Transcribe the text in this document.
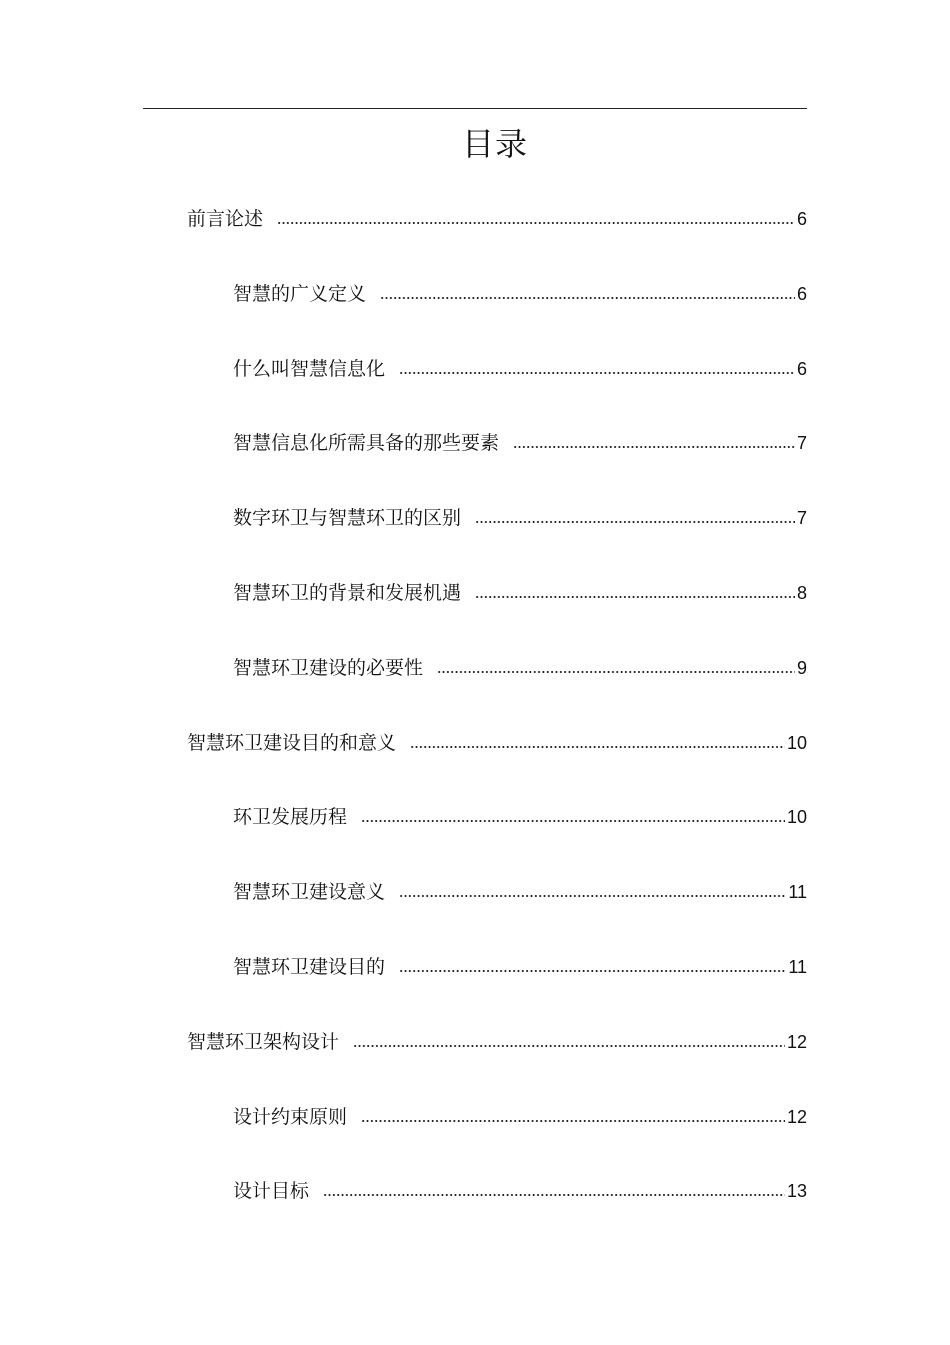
目录
前言论述	6
智慧的广义定义	6
什么叫智慧信息化	6
智慧信息化所需具备的那些要素	7
数字环卫与智慧环卫的区别	7
智慧环卫的背景和发展机遇	8
智慧环卫建设的必要性	9
智慧环卫建设目的和意义	10
环卫发展历程	10
智慧环卫建设意义	11
智慧环卫建设目的	11
智慧环卫架构设计	12
设计约束原则	12
设计目标	13
